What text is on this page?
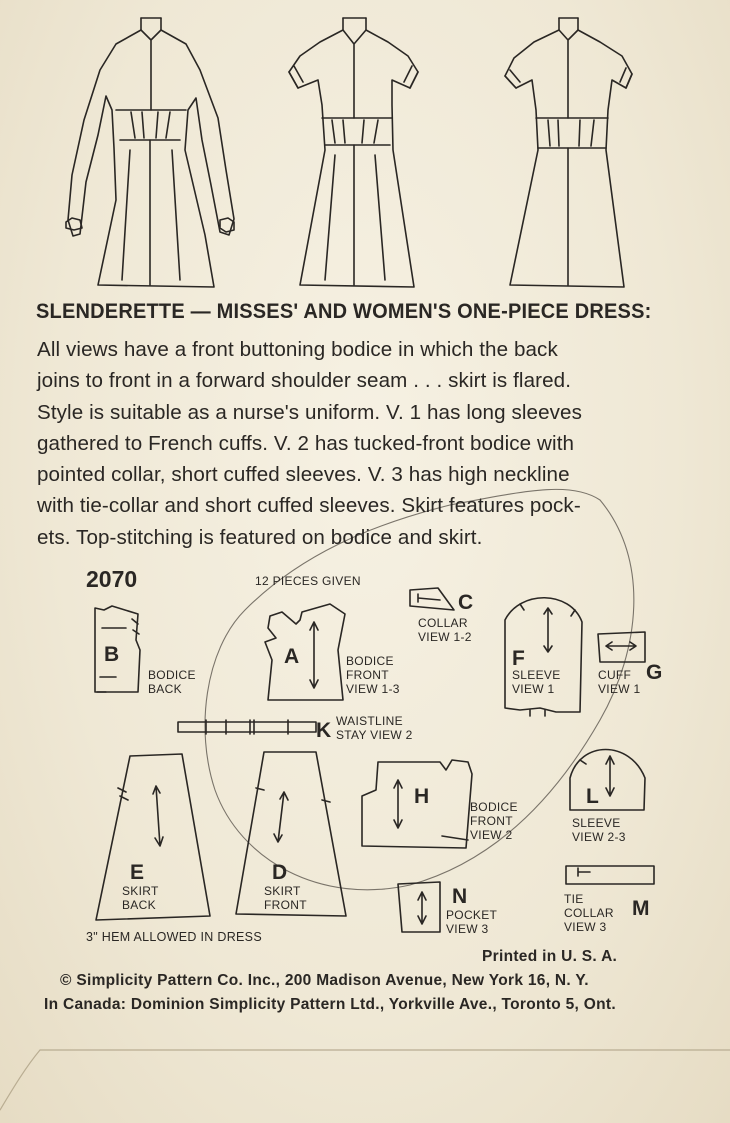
SLENDERETTE — MISSES' AND WOMEN'S ONE-PIECE DRESS:
All views have a front buttoning bodice in which the back
joins to front in a forward shoulder seam . . . skirt is flared.
Style is suitable as a nurse's uniform. V. 1 has long sleeves
gathered to French cuffs. V. 2 has tucked-front bodice with
pointed collar, short cuffed sleeves. V. 3 has high neckline
with tie-collar and short cuffed sleeves. Skirt features pock-
ets. Top-stitching is featured on bodice and skirt.
2070	12 PIECES GIVEN
B
BODICE
BACK
A	BODICE
FRONT
VIEW 1-3
C
COLLAR
VIEW 1-2
F
SLEEVE
VIEW 1
CUFF
VIEW 1
G
K WAISTLINE
STAY VIEW 2
E
SKIRT
BACK
D
SKIRT
FRONT
H	BODICE
FRONT
VIEW 2
L
SLEEVE
VIEW 2-3
N
POCKET
VIEW 3
TIE
COLLAR
VIEW 3
M
3" HEM ALLOWED IN DRESS
Printed in U. S. A.
© Simplicity Pattern Co. Inc., 200 Madison Avenue, New York 16, N. Y.
In Canada: Dominion Simplicity Pattern Ltd., Yorkville Ave., Toronto 5, Ont.
